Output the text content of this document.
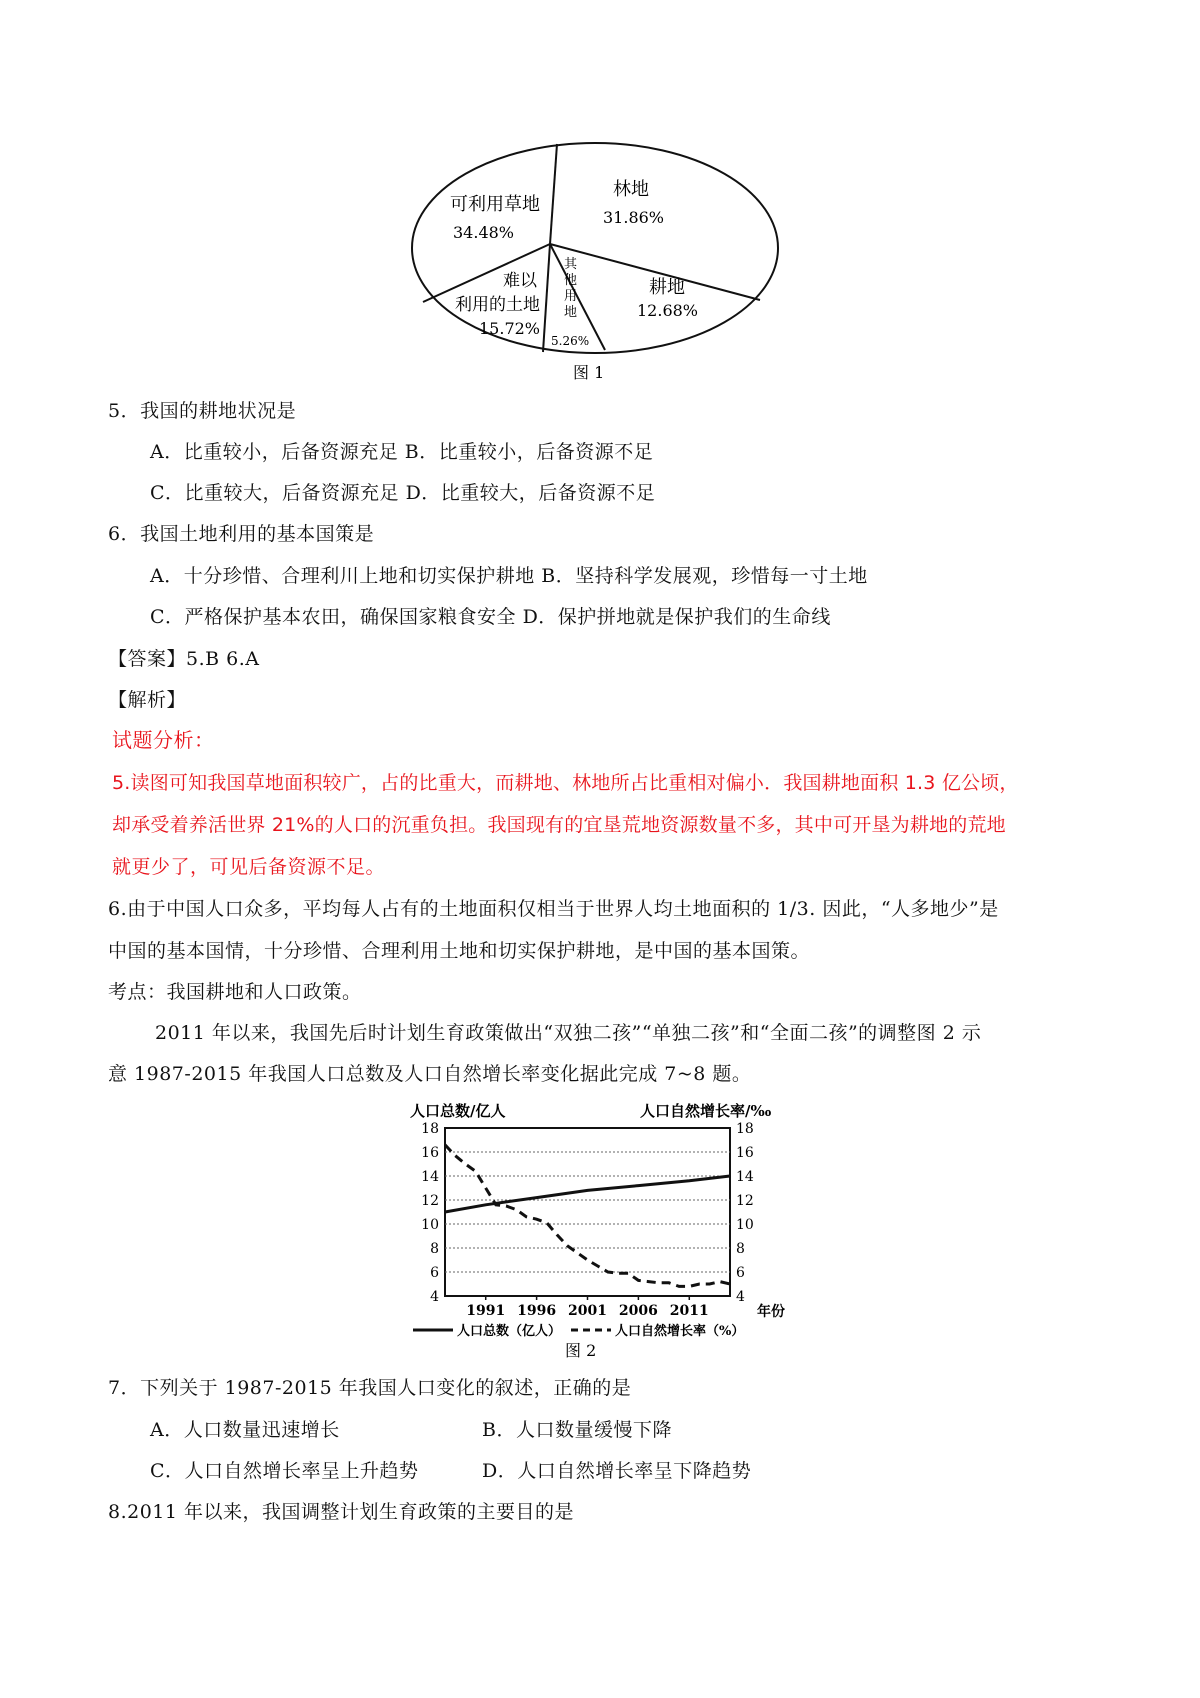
可利用草地
34.48%
林地
31.86%
耕地
12.68%
难以
利用的土地
15.72%
其
他
用
地
5.26%
图 1
5．我国的耕地状况是
A．比重较小，后备资源充足 B．比重较小，后备资源不足
C．比重较大，后备资源充足 D．比重较大，后备资源不足
6．我国土地利用的基本国策是
A．十分珍惜、合理利川上地和切实保护耕地 B．坚持科学发展观，珍惜每一寸土地
C．严格保护基本农田，确保国家粮食安全 D．保护拼地就是保护我们的生命线
【答案】5.B 6.A
【解析】
试题分析：
5.读图可知我国草地面积较广，占的比重大，而耕地、林地所占比重相对偏小．我国耕地面积 1.3 亿公顷，
却承受着养活世界 21%的人口的沉重负担。我国现有的宜垦荒地资源数量不多，其中可开垦为耕地的荒地
就更少了，可见后备资源不足。
6.由于中国人口众多，平均每人占有的土地面积仅相当于世界人均土地面积的 1/3. 因此，“人多地少”是
中国的基本国情，十分珍惜、合理利用土地和切实保护耕地，是中国的基本国策。
考点：我国耕地和人口政策。
2011 年以来，我国先后时计划生育政策做出“双独二孩”“单独二孩”和“全面二孩”的调整图 2 示
意 1987-2015 年我国人口总数及人口自然增长率变化据此完成 7~8 题。
人口总数/亿人	人口自然增长率/‰
年份
4	4
6	6
8	8
10	10
12	12
14	14
16	16
18	18
1991 1996 2001 2006 2011
人口总数（亿人）	人口自然增长率（%）
图 2
7．下列关于 1987-2015 年我国人口变化的叙述，正确的是
A．人口数量迅速增长	B．人口数量缓慢下降
C．人口自然增长率呈上升趋势	D．人口自然增长率呈下降趋势
8.2011 年以来，我国调整计划生育政策的主要目的是
